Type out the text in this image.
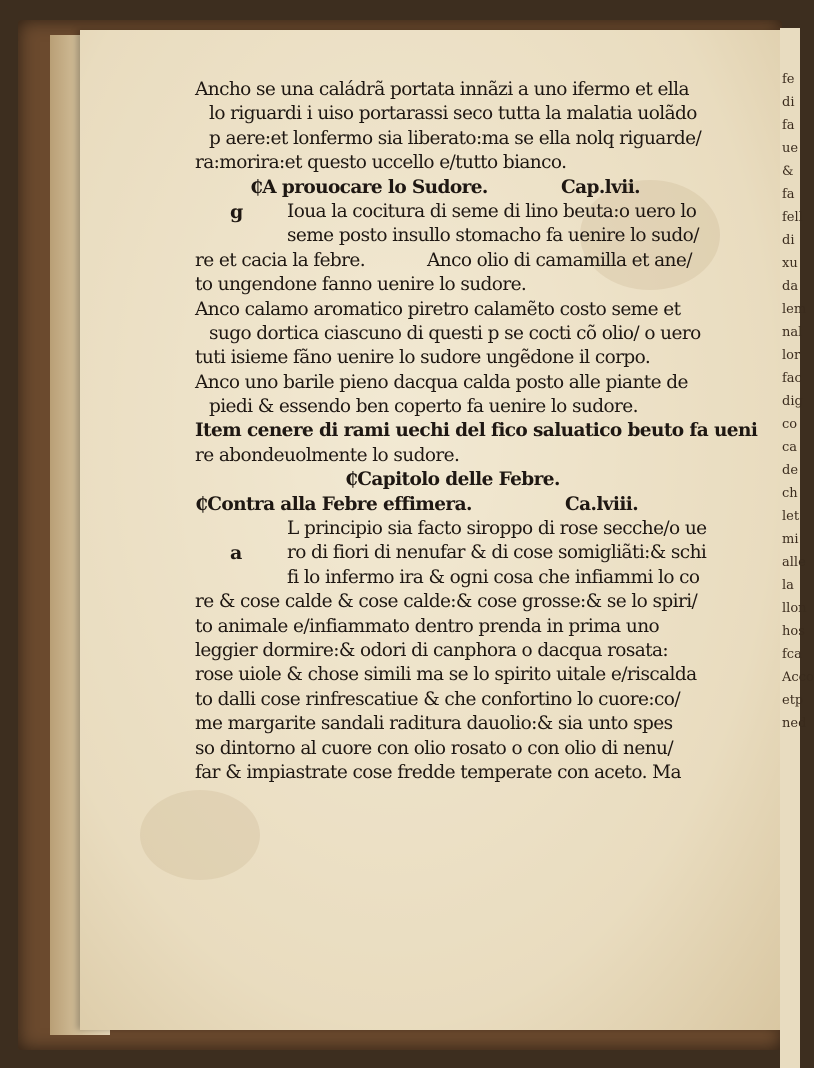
fe
di
fa
ue
&
fa
fell
di
xu
da
lem
nal
lor
fac
dig
co
ca
de
ch
let
mi
alle
la
llon
hos
fca
Acco
etp
ned
Ancho se una caládrã portata innãzi a uno ifermo et ella
lo riguardi i uiso portarassi seco tutta la malatia uolãdo
p aere:et lonfermo sia liberato:ma se ella nolq riguarde/
ra:morira:et questo uccello e/tutto bianco.
₵A prouocare lo Sudore.	Cap.lvii.
g Ioua la cocitura di seme di lino beuta:o uero lo
seme posto insullo stomacho fa uenire lo sudo/
re et cacia la febre.	Anco olio di camamilla et ane/
to ungendone fanno uenire lo sudore.
Anco calamo aromatico piretro calamẽto costo seme et
sugo dortica ciascuno di questi p se cocti cõ olio/ o uero
tuti isieme fãno uenire lo sudore ungẽdone il corpo.
Anco uno barile pieno dacqua calda posto alle piante de
piedi & essendo ben coperto fa uenire lo sudore.
Item cenere di rami uechi del fico saluatico beuto fa ueni
re abondeuolmente lo sudore.
₵Capitolo delle Febre.
₵Contra alla Febre effimera.	Ca.lviii.
L principio sia facto siroppo di rose secche/o ue
a ro di fiori di nenufar & di cose somigliãti:& schi
fi lo infermo ira & ogni cosa che infiammi lo co
re & cose calde & cose calde:& cose grosse:& se lo spiri/
to animale e/infiammato dentro prenda in prima uno
leggier dormire:& odori di canphora o dacqua rosata:
rose uiole & chose simili ma se lo spirito uitale e/riscalda
to dalli cose rinfrescatiue & che confortino lo cuore:co/
me margarite sandali raditura dauolio:& sia unto spes
so dintorno al cuore con olio rosato o con olio di nenu/
far & impiastrate cose fredde temperate con aceto. Ma
